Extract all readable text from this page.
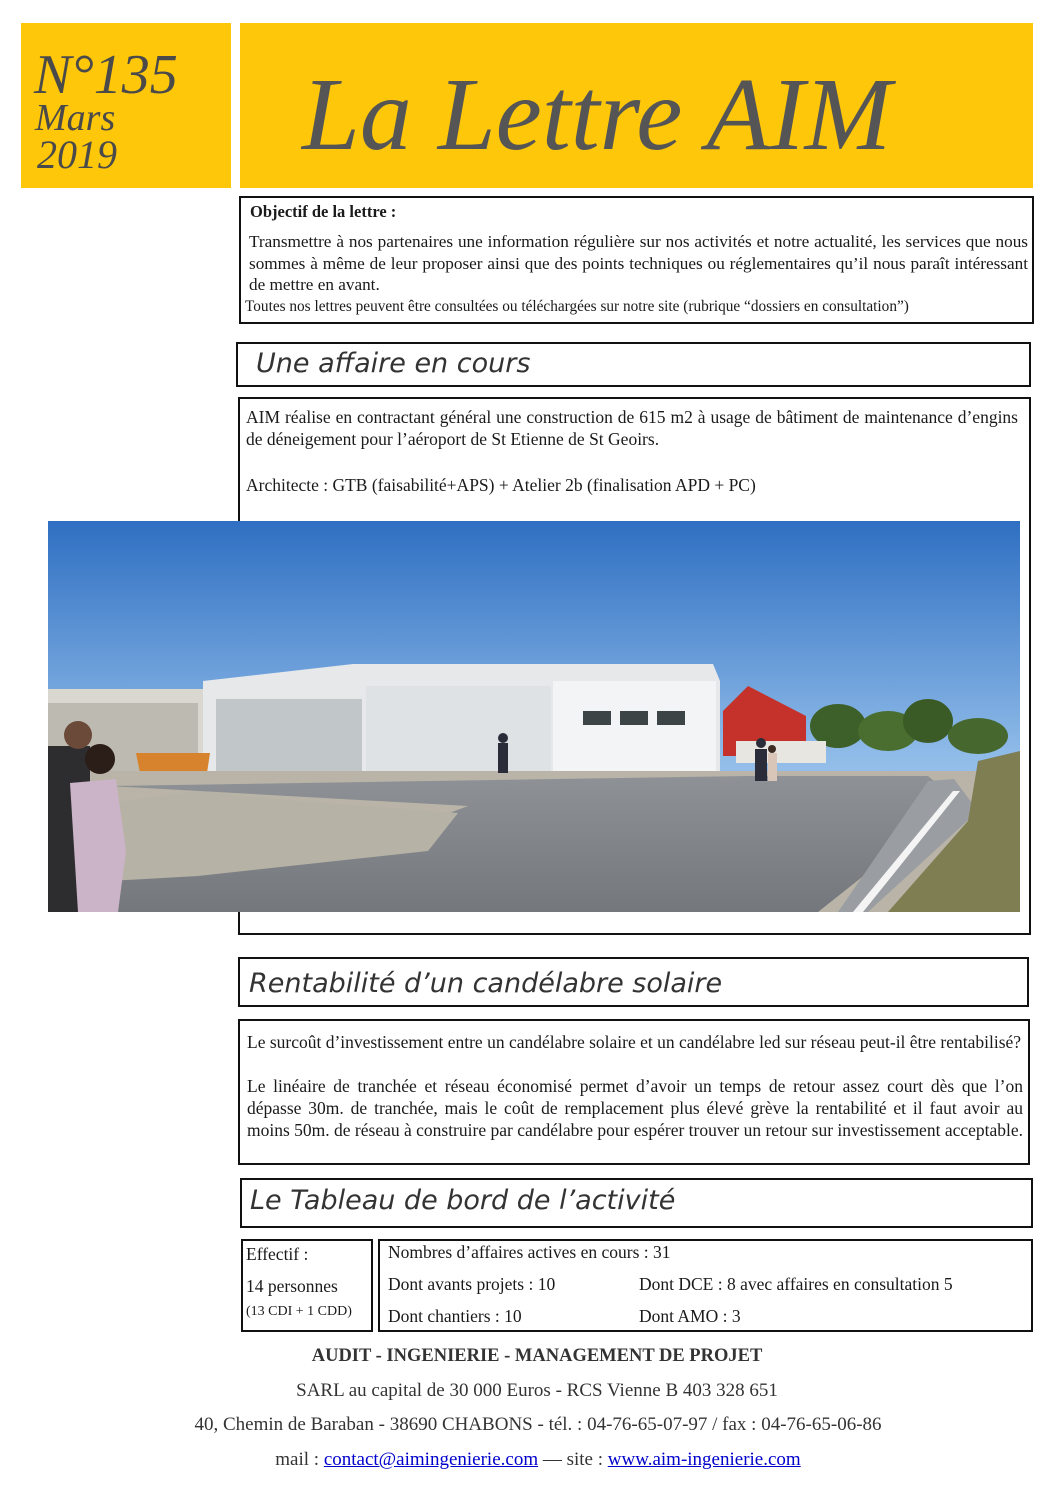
N°135
Mars
2019 La Lettre AIM
Objectif de la lettre :
Transmettre à nos partenaires une information régulière sur nos activités et notre actualité, les services que nous sommes à même de leur proposer ainsi que des points techniques ou réglementaires qu’il nous paraît intéressant de mettre en avant.
Toutes nos lettres peuvent être consultées ou téléchargées sur notre site (rubrique “dossiers en consultation”)
Une affaire en cours
AIM réalise en contractant général une construction de 615 m2 à usage de bâtiment de maintenance d’engins de déneigement pour l’aéroport de St Etienne de St Geoirs.
Architecte : GTB (faisabilité+APS) + Atelier 2b (finalisation APD + PC)
Rentabilité d’un candélabre solaire
Le surcoût d’investissement entre un candélabre solaire et un candélabre led sur réseau peut-il être rentabilisé?
Le linéaire de tranchée et réseau économisé permet d’avoir un temps de retour assez court dès que l’on dépasse 30m. de tranchée, mais le coût de remplacement plus élevé grève la rentabilité et il faut avoir au moins 50m. de réseau à construire par candélabre pour espérer trouver un retour sur investissement acceptable.
Le Tableau de bord de l’activité
Effectif :
14 personnes
(13 CDI + 1 CDD)
Nombres d’affaires actives en cours : 31
Dont avants projets : 10	Dont DCE : 8 avec affaires en consultation 5
Dont chantiers : 10	Dont AMO : 3
AUDIT - INGENIERIE - MANAGEMENT DE PROJET
SARL au capital de 30 000 Euros - RCS Vienne B 403 328 651
40, Chemin de Baraban - 38690 CHABONS - tél. : 04-76-65-07-97 / fax : 04-76-65-06-86
mail : contact@aimingenierie.com — site : www.aim-ingenierie.com
